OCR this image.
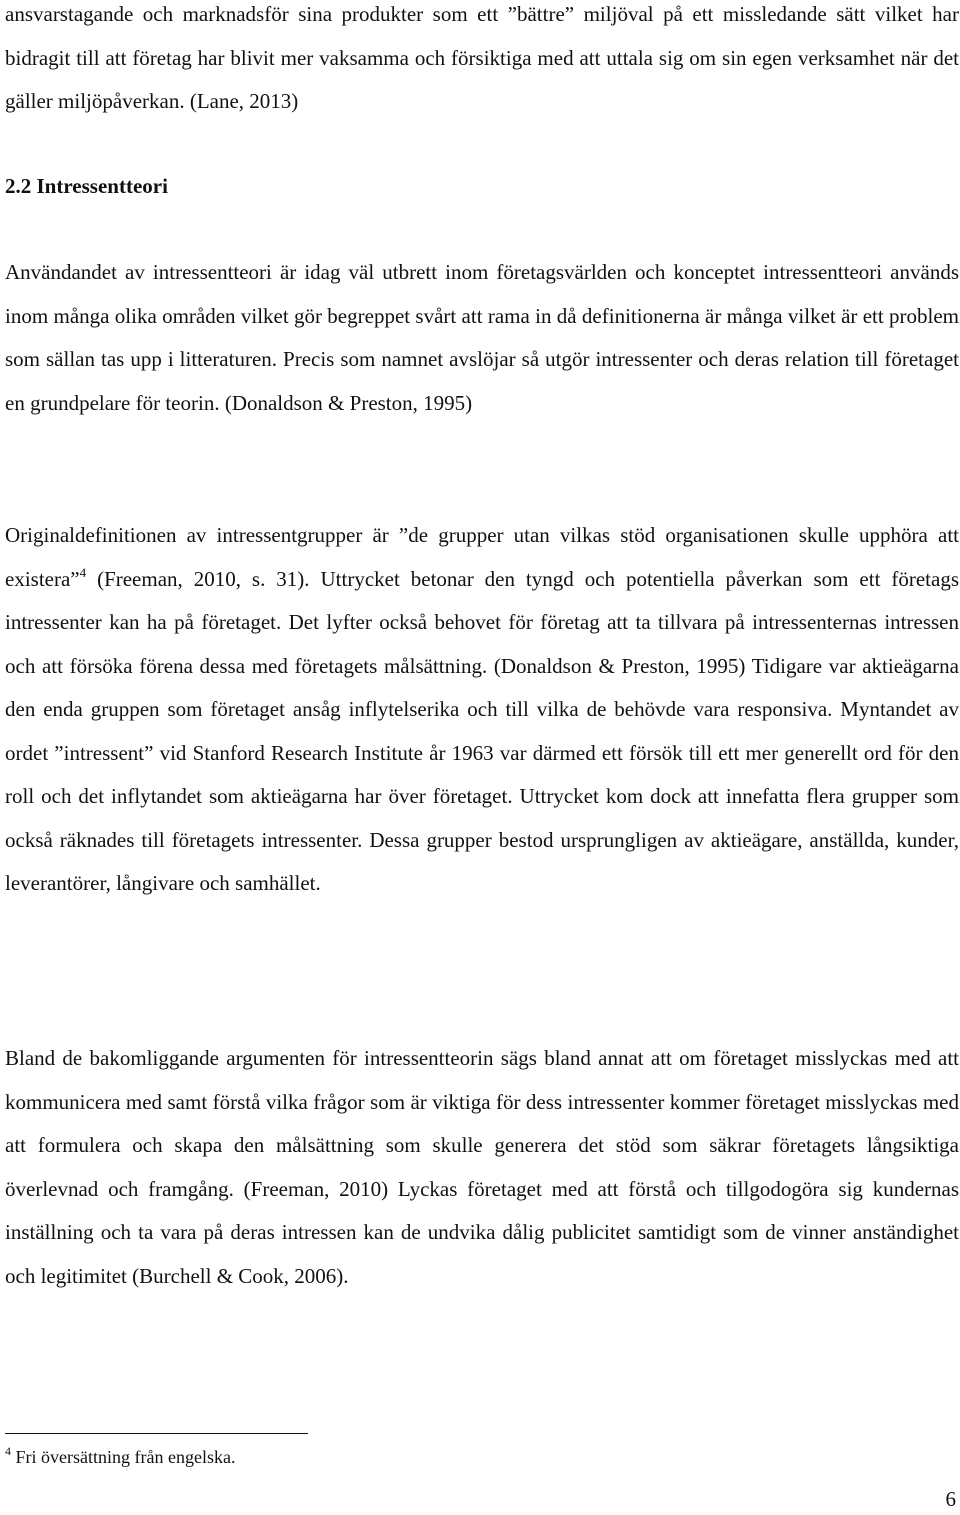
ansvarstagande och marknadsför sina produkter som ett ”bättre” miljöval på ett missledande sätt vilket har bidragit till att företag har blivit mer vaksamma och försiktiga med att uttala sig om sin egen verksamhet när det gäller miljöpåverkan. (Lane, 2013)

2.2 Intressentteori

Användandet av intressentteori är idag väl utbrett inom företagsvärlden och konceptet intressentteori används inom många olika områden vilket gör begreppet svårt att rama in då definitionerna är många vilket är ett problem som sällan tas upp i litteraturen. Precis som namnet avslöjar så utgör intressenter och deras relation till företaget en grundpelare för teorin. (Donaldson & Preston, 1995)

Originaldefinitionen av intressentgrupper är ”de grupper utan vilkas stöd organisationen skulle upphöra att existera”$^4$ (Freeman, 2010, s. 31). Uttrycket betonar den tyngd och potentiella påverkan som ett företags intressenter kan ha på företaget. Det lyfter också behovet för företag att ta tillvara på intressenternas intressen och att försöka förena dessa med företagets målsättning. (Donaldson & Preston, 1995) Tidigare var aktieägarna den enda gruppen som företaget ansåg inflytelserika och till vilka de behövde vara responsiva. Myntandet av ordet ”intressent” vid Stanford Research Institute år 1963 var därmed ett försök till ett mer generellt ord för den roll och det inflytandet som aktieägarna har över företaget. Uttrycket kom dock att innefatta flera grupper som också räknades till företagets intressenter. Dessa grupper bestod ursprungligen av aktieägare, anställda, kunder, leverantörer, långivare och samhället.

Bland de bakomliggande argumenten för intressentteorin sägs bland annat att om företaget misslyckas med att kommunicera med samt förstå vilka frågor som är viktiga för dess intressenter kommer företaget misslyckas med att formulera och skapa den målsättning som skulle generera det stöd som säkrar företagets långsiktiga överlevnad och framgång. (Freeman, 2010) Lyckas företaget med att förstå och tillgodogöra sig kundernas inställning och ta vara på deras intressen kan de undvika dålig publicitet samtidigt som de vinner anständighet och legitimitet (Burchell & Cook, 2006).

$^4$ Fri översättning från engelska.

6
